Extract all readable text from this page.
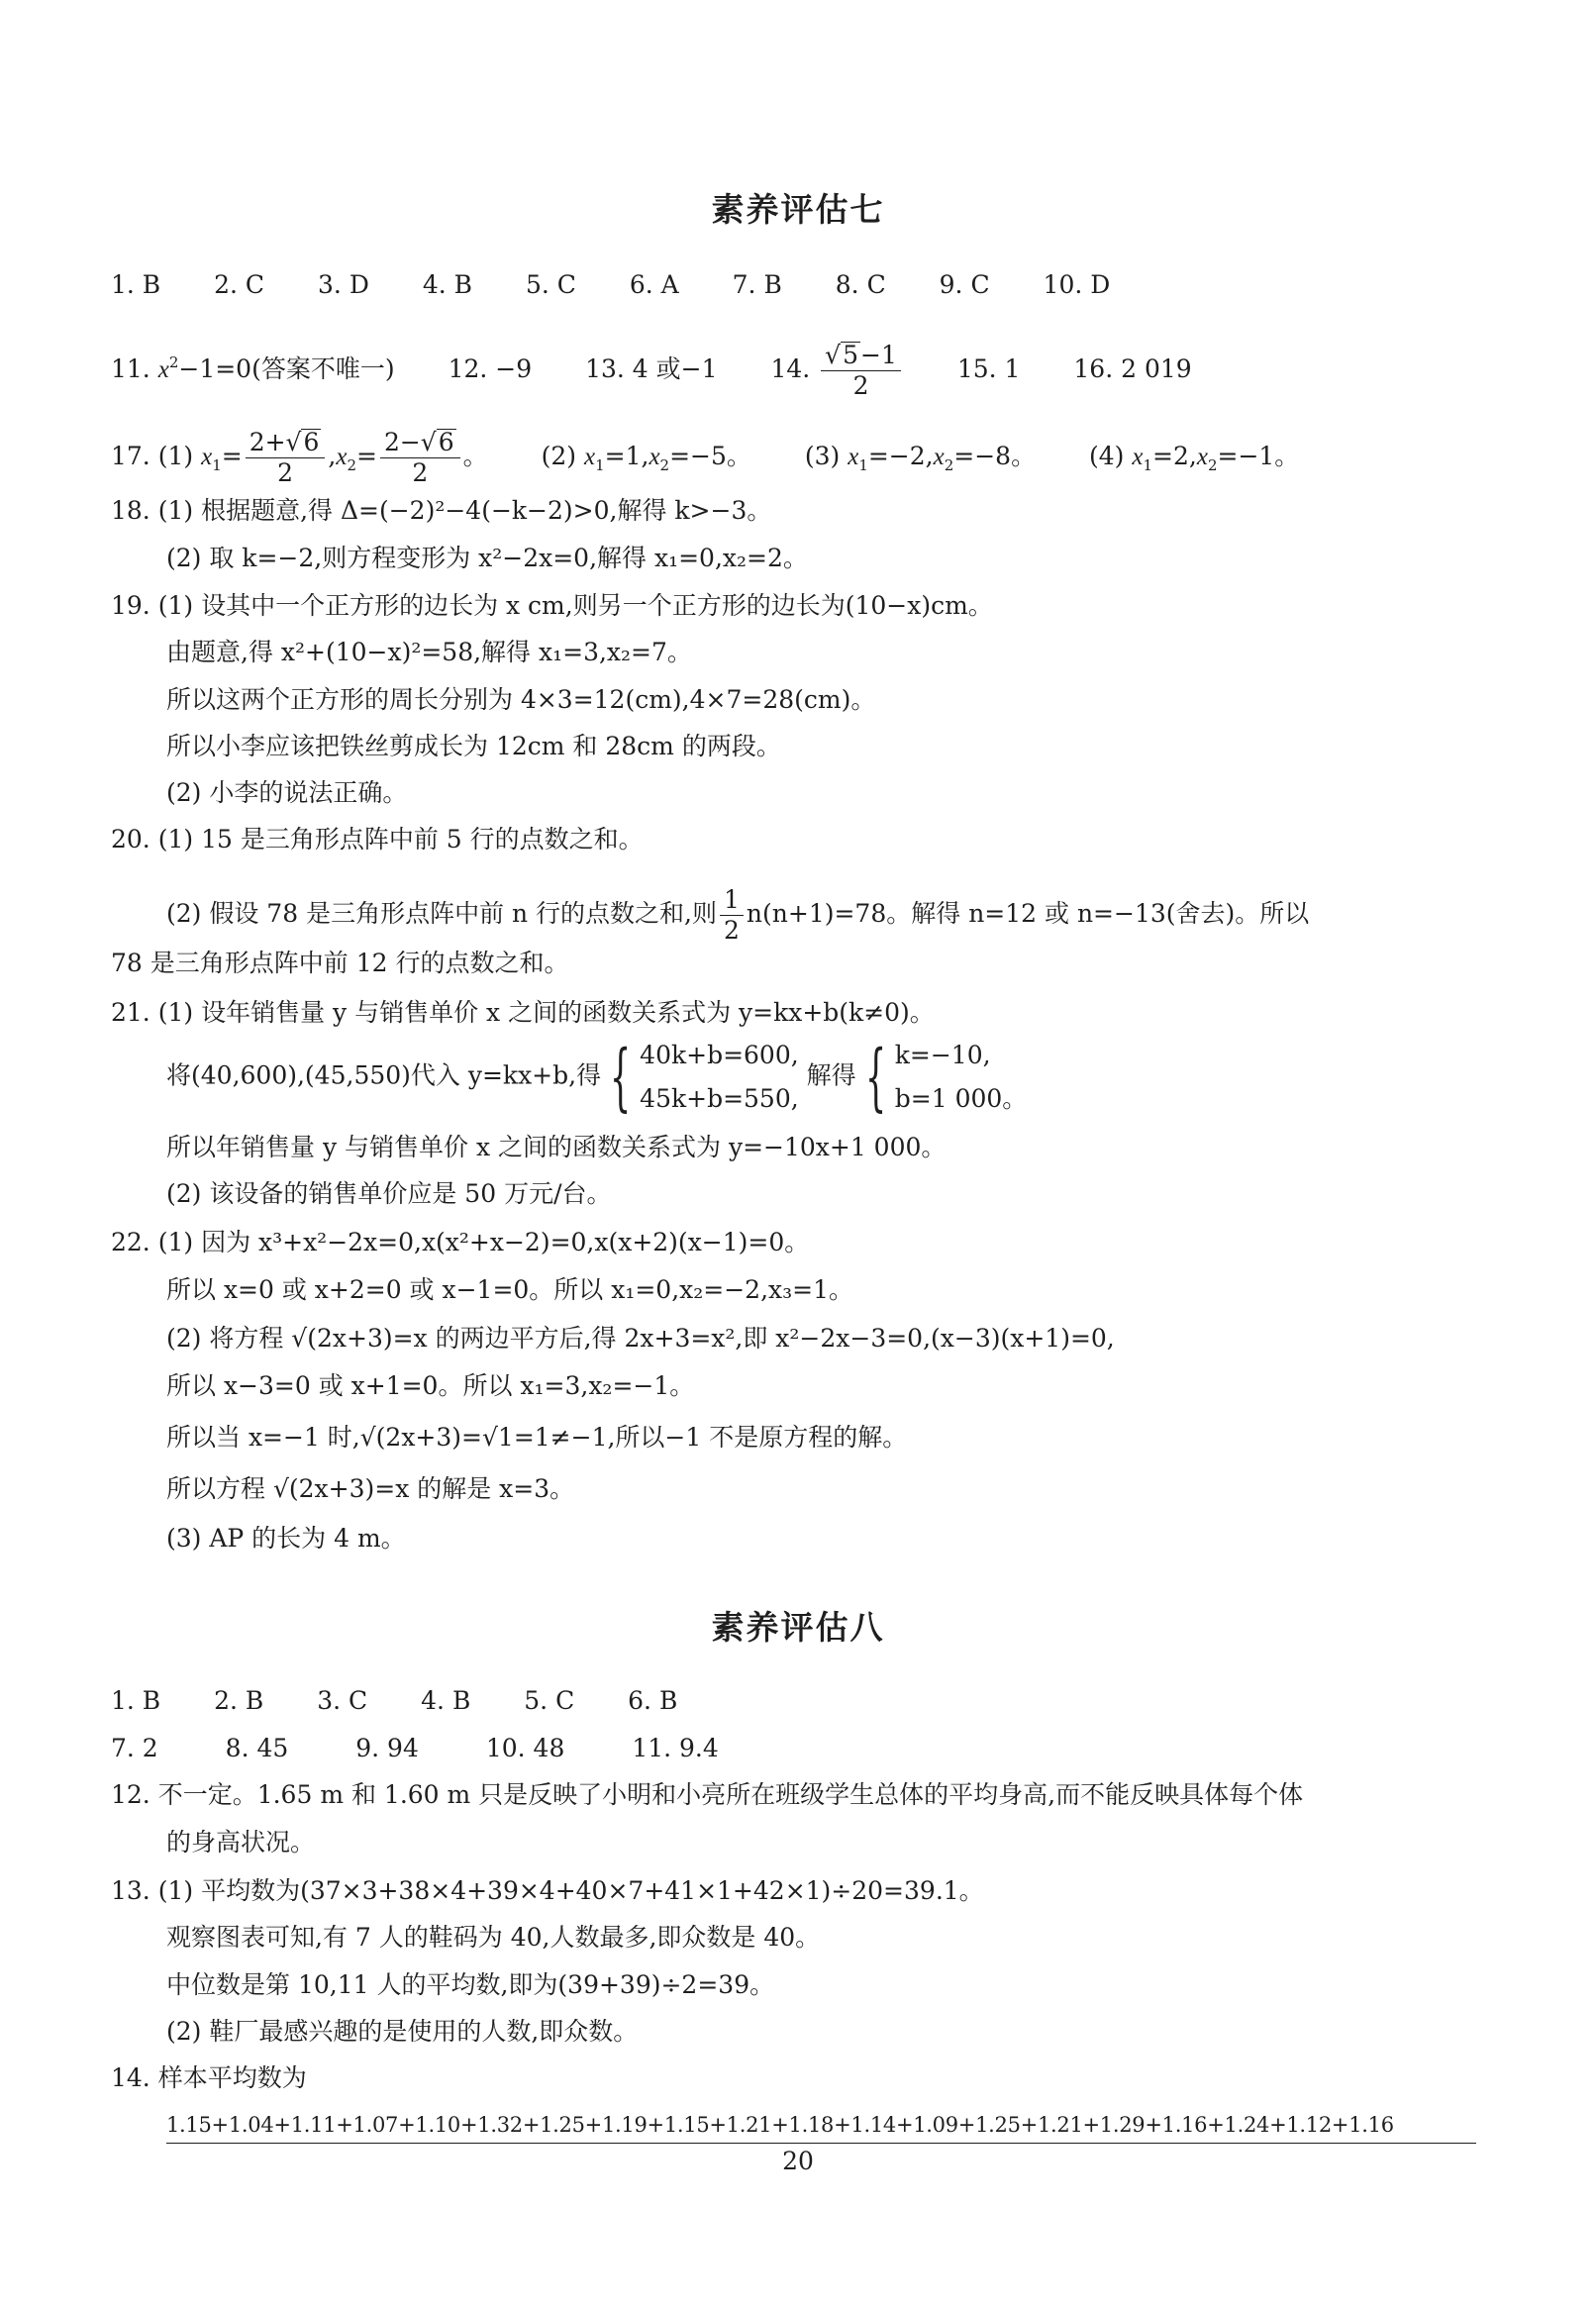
素养评估七
1. B 2. C 3. D 4. B 5. C 6. A 7. B 8. C 9. C 10. D
11. $x^2-1=0$(答案不唯一) 12. −9 13. 4 或−1 14. $\frac{√5-1}{2} 15$. 1 16. 2 019
17. (1) $x_1= \frac{2+√6}{2} ,x_2= \frac{2-√6}{2}$ 。 (2) $x_1=1,x_2=-5$。 (3) $x_1=-2,x_2=-8$。 (4) $x_1=2,x_2=-1$。
18. (1) 根据题意,得 Δ=(−2)²−4(−k−2)>0,解得 k>−3。
(2) 取 k=−2,则方程变形为 x²−2x=0,解得 x₁=0,x₂=2。
19. (1) 设其中一个正方形的边长为 x cm,则另一个正方形的边长为(10−x)cm。
由题意,得 x²+(10−x)²=58,解得 x₁=3,x₂=7。
所以这两个正方形的周长分别为 4×3=12(cm),4×7=28(cm)。
所以小李应该把铁丝剪成长为 12cm 和 28cm 的两段。
(2) 小李的说法正确。
20. (1) 15 是三角形点阵中前 5 行的点数之和。
(2) 假设 78 是三角形点阵中前 n 行的点数之和,则 $\frac{1}{2} n(n+1)=78$。解得 n=12 或 n=−13(舍去)。所以
78 是三角形点阵中前 12 行的点数之和。
21. (1) 设年销售量 y 与销售单价 x 之间的函数关系式为 y=kx+b(k≠0)。
将(40,600),(45,550)代入 y=kx+b,得 { 40k+b=600,
45k+b=550, 解得 { k=−10,
b=1 000。
所以年销售量 y 与销售单价 x 之间的函数关系式为 y=−10x+1 000。
(2) 该设备的销售单价应是 50 万元/台。
22. (1) 因为 x³+x²−2x=0,x(x²+x−2)=0,x(x+2)(x−1)=0。
所以 x=0 或 x+2=0 或 x−1=0。所以 x₁=0,x₂=−2,x₃=1。
(2) 将方程 √(2x+3)=x 的两边平方后,得 2x+3=x²,即 x²−2x−3=0,(x−3)(x+1)=0,
所以 x−3=0 或 x+1=0。所以 x₁=3,x₂=−1。
所以当 x=−1 时,√(2x+3)=√1=1≠−1,所以−1 不是原方程的解。
所以方程 √(2x+3)=x 的解是 x=3。
(3) AP 的长为 4 m。
素养评估八
1. B 2. B 3. C 4. B 5. C 6. B
7. 2	8. 45	9. 94	10. 48	11. 9.4
12. 不一定。1.65 m 和 1.60 m 只是反映了小明和小亮所在班级学生总体的平均身高,而不能反映具体每个体
的身高状况。
13. (1) 平均数为(37×3+38×4+39×4+40×7+41×1+42×1)÷20=39.1。
观察图表可知,有 7 人的鞋码为 40,人数最多,即众数是 40。
中位数是第 10,11 人的平均数,即为(39+39)÷2=39。
(2) 鞋厂最感兴趣的是使用的人数,即众数。
14. 样本平均数为
1.15+1.04+1.11+1.07+1.10+1.32+1.25+1.19+1.15+1.21+1.18+1.14+1.09+1.25+1.21+1.29+1.16+1.24+1.12+1.16
20
